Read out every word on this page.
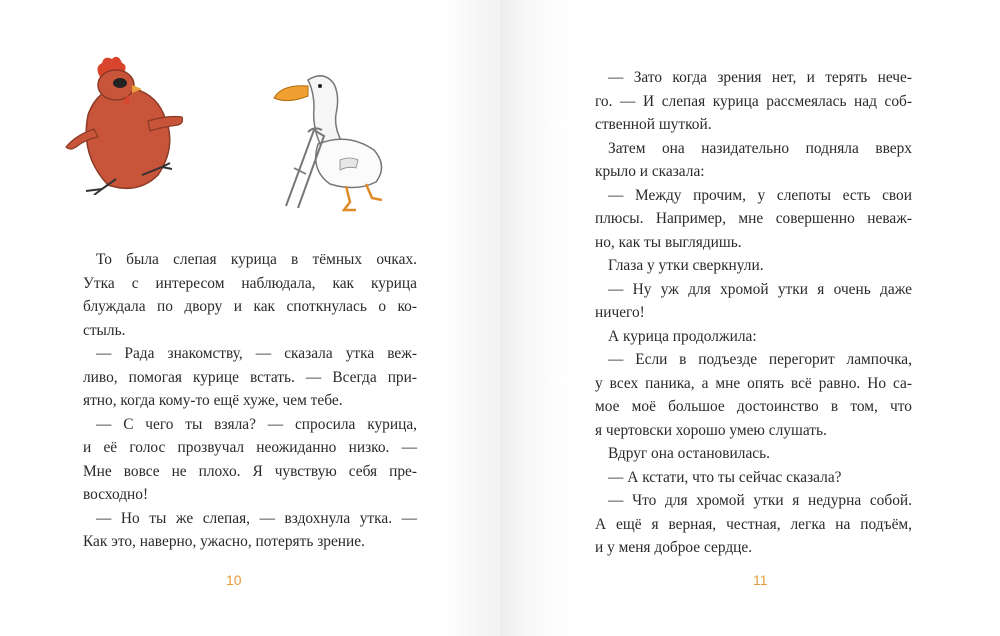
То была слепая курица в тёмных очках.
Утка с интересом наблюдала, как курица
блуждала по двору и как споткнулась о ко-

стыль.

— Рада знакомству, — сказала утка веж-
ливо, помогая курице встать. — Всегда при-

ятно, когда кому-то ещё хуже, чем тебе.

— С чего ты взяла? — спросила курица,
и её голос прозвучал неожиданно низко. —
Мне вовсе не плохо. Я чувствую себя пре-

восходно!

— Но ты же слепая, — вздохнула утка. —

Как это, наверно, ужасно, потерять зрение.

10

— Зато когда зрения нет, и терять нече-
го. — И слепая курица рассмеялась над соб-

ственной шуткой.

Затем она назидательно подняла вверх

крыло и сказала:

— Между прочим, у слепоты есть свои
плюсы. Например, мне совершенно неваж-

но, как ты выглядишь.

Глаза у утки сверкнули.

— Ну уж для хромой утки я очень даже

ничего!

А курица продолжила:

— Если в подъезде перегорит лампочка,
у всех паника, а мне опять всё равно. Но са-
мое моё большое достоинство в том, что

я чертовски хорошо умею слушать.

Вдруг она остановилась.

— А кстати, что ты сейчас сказала?

— Что для хромой утки я недурна собой.
А ещё я верная, честная, легка на подъём,

и у меня доброе сердце.

11
